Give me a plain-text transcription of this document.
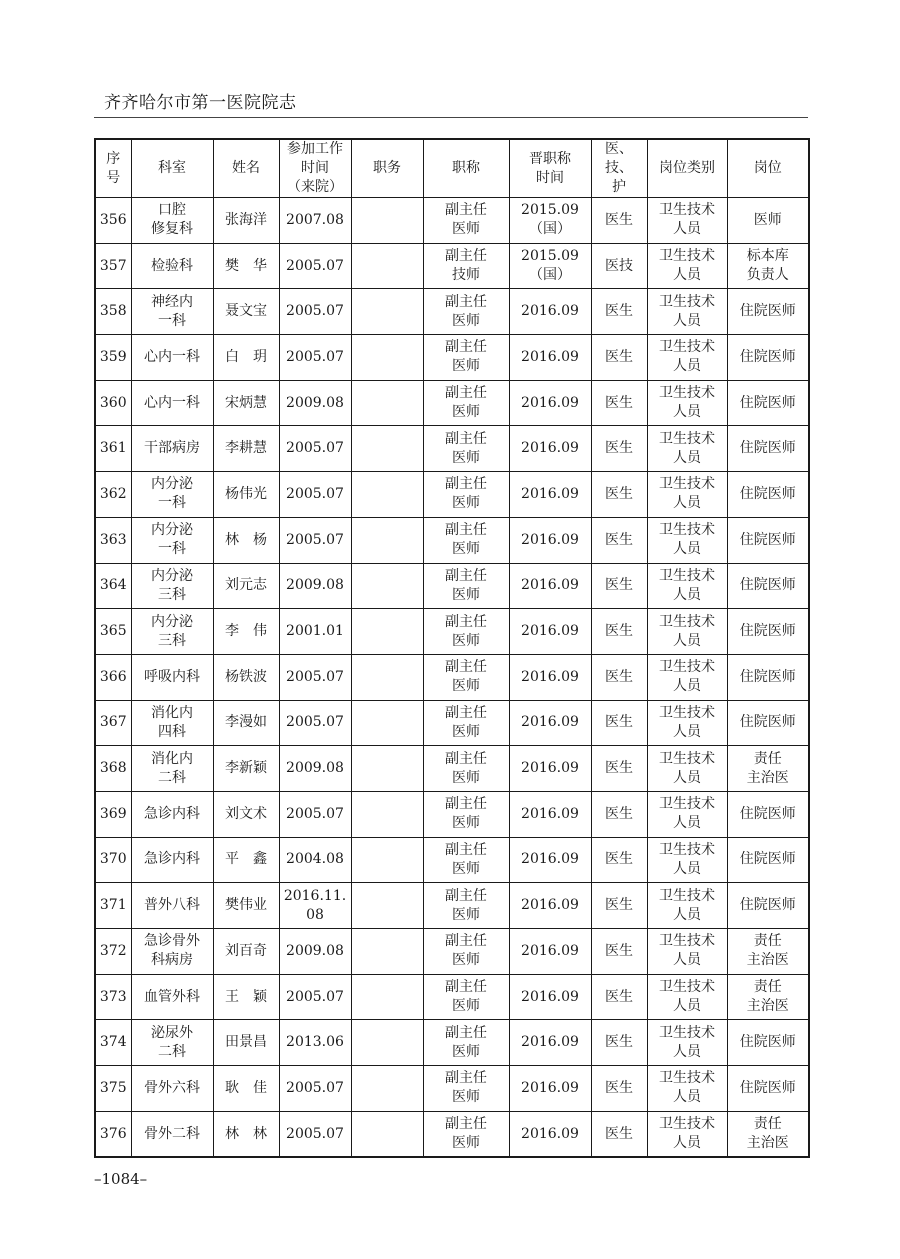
齐齐哈尔市第一医院院志
序
号	科室	姓名	参加工作
时间
（来院）	职务	职称	晋职称
时间	医、技、
护	岗位类别	岗位
356	口腔
修复科	张海洋	2007.08		副主任
医师	2015.09
（国）	医生	卫生技术
人员	医师
357	检验科	樊　华	2005.07		副主任
技师	2015.09
（国）	医技	卫生技术
人员	标本库
负责人
358	神经内
一科	聂文宝	2005.07		副主任
医师	2016.09	医生	卫生技术
人员	住院医师
359	心内一科	白　玥	2005.07		副主任
医师	2016.09	医生	卫生技术
人员	住院医师
360	心内一科	宋炳慧	2009.08		副主任
医师	2016.09	医生	卫生技术
人员	住院医师
361	干部病房	李耕慧	2005.07		副主任
医师	2016.09	医生	卫生技术
人员	住院医师
362	内分泌
一科	杨伟光	2005.07		副主任
医师	2016.09	医生	卫生技术
人员	住院医师
363	内分泌
一科	林　杨	2005.07		副主任
医师	2016.09	医生	卫生技术
人员	住院医师
364	内分泌
三科	刘元志	2009.08		副主任
医师	2016.09	医生	卫生技术
人员	住院医师
365	内分泌
三科	李　伟	2001.01		副主任
医师	2016.09	医生	卫生技术
人员	住院医师
366	呼吸内科	杨铁波	2005.07		副主任
医师	2016.09	医生	卫生技术
人员	住院医师
367	消化内
四科	李漫如	2005.07		副主任
医师	2016.09	医生	卫生技术
人员	住院医师
368	消化内
二科	李新颖	2009.08		副主任
医师	2016.09	医生	卫生技术
人员	责任
主治医
369	急诊内科	刘文术	2005.07		副主任
医师	2016.09	医生	卫生技术
人员	住院医师
370	急诊内科	平　鑫	2004.08		副主任
医师	2016.09	医生	卫生技术
人员	住院医师
371	普外八科	樊伟业	2016.11.
08		副主任
医师	2016.09	医生	卫生技术
人员	住院医师
372	急诊骨外
科病房	刘百奇	2009.08		副主任
医师	2016.09	医生	卫生技术
人员	责任
主治医
373	血管外科	王　颖	2005.07		副主任
医师	2016.09	医生	卫生技术
人员	责任
主治医
374	泌尿外
二科	田景昌	2013.06		副主任
医师	2016.09	医生	卫生技术
人员	住院医师
375	骨外六科	耿　佳	2005.07		副主任
医师	2016.09	医生	卫生技术
人员	住院医师
376	骨外二科	林　林	2005.07		副主任
医师	2016.09	医生	卫生技术
人员	责任
主治医
–1084–
